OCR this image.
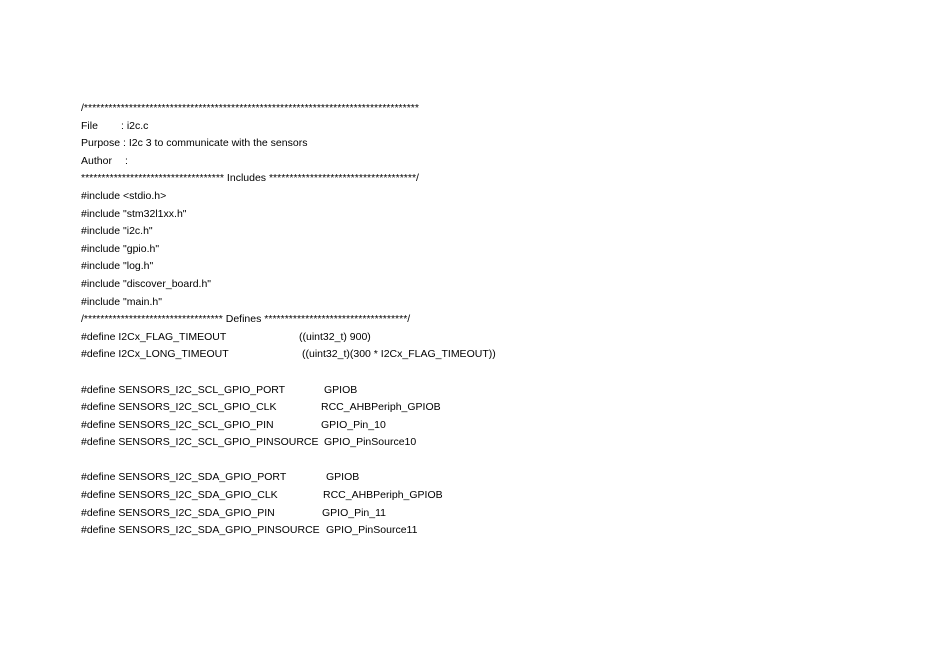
/**********************************************************************************
File : i2c.c
Purpose : I2c 3 to communicate with the sensors
Author :
*********************************** Includes ************************************/
#include <stdio.h>
#include "stm32l1xx.h"
#include "i2c.h"
#include "gpio.h"
#include "log.h"
#include "discover_board.h"
#include "main.h"
/********************************** Defines ***********************************/
#define I2Cx_FLAG_TIMEOUT	((uint32_t) 900)
#define I2Cx_LONG_TIMEOUT	((uint32_t)(300 * I2Cx_FLAG_TIMEOUT))
#define SENSORS_I2C_SCL_GPIO_PORT	GPIOB
#define SENSORS_I2C_SCL_GPIO_CLK	RCC_AHBPeriph_GPIOB
#define SENSORS_I2C_SCL_GPIO_PIN	GPIO_Pin_10
#define SENSORS_I2C_SCL_GPIO_PINSOURCE GPIO_PinSource10
#define SENSORS_I2C_SDA_GPIO_PORT	GPIOB
#define SENSORS_I2C_SDA_GPIO_CLK	RCC_AHBPeriph_GPIOB
#define SENSORS_I2C_SDA_GPIO_PIN	GPIO_Pin_11
#define SENSORS_I2C_SDA_GPIO_PINSOURCE GPIO_PinSource11
